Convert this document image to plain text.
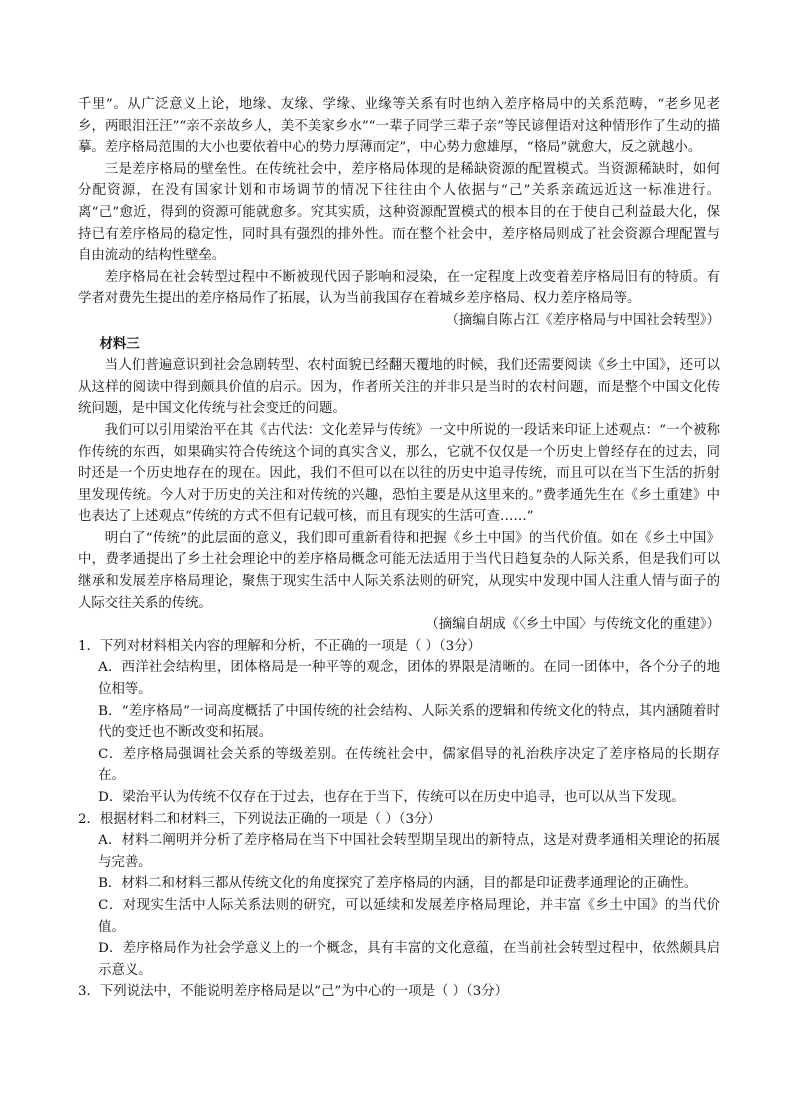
千里”。从广泛意义上论，地缘、友缘、学缘、业缘等关系有时也纳入差序格局中的关系范畴，“老乡见老乡，两眼泪汪汪”“亲不亲故乡人，美不美家乡水”“一辈子同学三辈子亲”等民谚俚语对这种情形作了生动的描摹。差序格局范围的大小也要依着中心的势力厚薄而定”，中心势力愈雄厚，“格局”就愈大，反之就越小。

三是差序格局的壁垒性。在传统社会中，差序格局体现的是稀缺资源的配置模式。当资源稀缺时，如何分配资源，在没有国家计划和市场调节的情况下往往由个人依据与“己”关系亲疏远近这一标准进行。离“己”愈近，得到的资源可能就愈多。究其实质，这种资源配置模式的根本目的在于使自己利益最大化，保持已有差序格局的稳定性，同时具有强烈的排外性。而在整个社会中，差序格局则成了社会资源合理配置与自由流动的结构性壁垒。

差序格局在社会转型过程中不断被现代因子影响和浸染，在一定程度上改变着差序格局旧有的特质。有学者对费先生提出的差序格局作了拓展，认为当前我国存在着城乡差序格局、权力差序格局等。

（摘编自陈占江《差序格局与中国社会转型》）

材料三

当人们普遍意识到社会急剧转型、农村面貌已经翻天覆地的时候，我们还需要阅读《乡土中国》，还可以从这样的阅读中得到颇具价值的启示。因为，作者所关注的并非只是当时的农村问题，而是整个中国文化传统问题，是中国文化传统与社会变迁的问题。

我们可以引用梁治平在其《古代法：文化差异与传统》一文中所说的一段话来印证上述观点：“一个被称作传统的东西，如果确实符合传统这个词的真实含义，那么，它就不仅仅是一个历史上曾经存在的过去，同时还是一个历史地存在的现在。因此，我们不但可以在以往的历史中追寻传统，而且可以在当下生活的折射里发现传统。今人对于历史的关注和对传统的兴趣，恐怕主要是从这里来的。”费孝通先生在《乡土重建》中也表达了上述观点“传统的方式不但有记载可核，而且有现实的生活可查……”

明白了“传统”的此层面的意义，我们即可重新看待和把握《乡土中国》的当代价值。如在《乡土中国》中，费孝通提出了乡土社会理论中的差序格局概念可能无法适用于当代日趋复杂的人际关系，但是我们可以继承和发展差序格局理论，聚焦于现实生活中人际关系法则的研究，从现实中发现中国人注重人情与面子的人际交往关系的传统。

（摘编自胡成《〈乡土中国〉与传统文化的重建》）

1．下列对材料相关内容的理解和分析，不正确的一项是（ ）（3分）

A．西洋社会结构里，团体格局是一种平等的观念，团体的界限是清晰的。在同一团体中，各个分子的地位相等。

B．“差序格局”一词高度概括了中国传统的社会结构、人际关系的逻辑和传统文化的特点，其内涵随着时代的变迁也不断改变和拓展。

C．差序格局强调社会关系的等级差别。在传统社会中，儒家倡导的礼治秩序决定了差序格局的长期存在。

D．梁治平认为传统不仅存在于过去，也存在于当下，传统可以在历史中追寻，也可以从当下发现。

2．根据材料二和材料三，下列说法正确的一项是（ ）（3分）

A．材料二阐明并分析了差序格局在当下中国社会转型期呈现出的新特点，这是对费孝通相关理论的拓展与完善。

B．材料二和材料三都从传统文化的角度探究了差序格局的内涵，目的都是印证费孝通理论的正确性。

C．对现实生活中人际关系法则的研究，可以延续和发展差序格局理论，并丰富《乡土中国》的当代价值。

D．差序格局作为社会学意义上的一个概念，具有丰富的文化意蕴，在当前社会转型过程中，依然颇具启示意义。

3．下列说法中，不能说明差序格局是以“己”为中心的一项是（ ）（3分）
